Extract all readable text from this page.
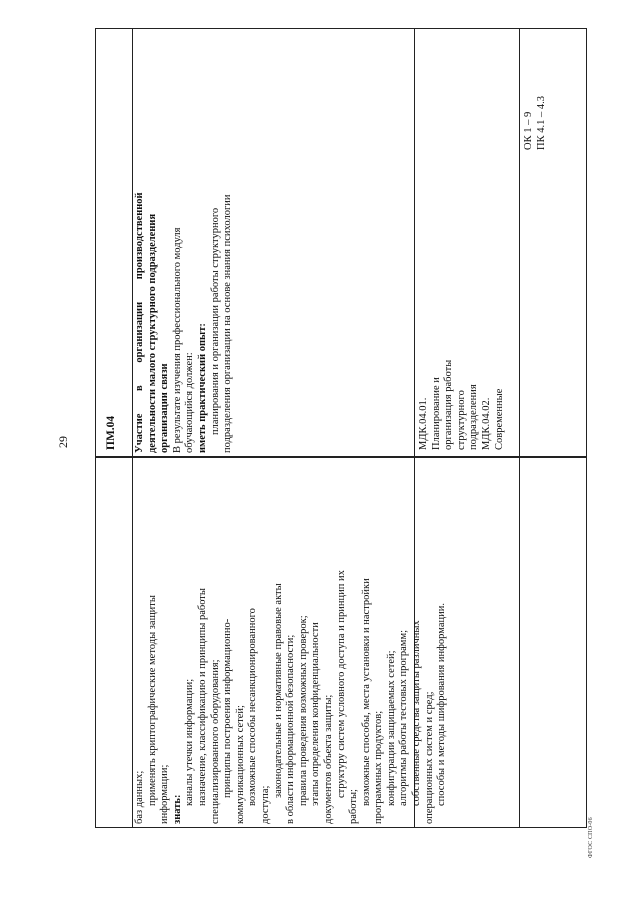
29
ФГОС СПО-06
баз данных; применять криптографические методы защиты информации; знать:
каналы утечки информации; назначение, классификацию и принципы работы специализированного оборудования; принципы построения информационно- коммуникационных сетей; возможные способы несанкционированного доступа;
законодательные и нормативные правовые акты в области информационной безопасности; правила проведения возможных проверок; этапы определения конфиденциальности документов объекта защиты; структуру систем условного доступа и принцип их
работы;
возможные способы, места установки и настройки программных продуктов; конфигурации защищаемых сетей; алгоритмы работы тестовых программ; собственные средства защиты различных операционных систем и сред; способы и методы шифрования информации.
Участие в организации производственной деятельности малого структурного подразделения организации связи В результате изучения профессионального модуля обучающийся должен: иметь практический опыт: планирования и организации работы структурного подразделения организации на основе знания психологии
ПМ.04	МДК.04.01. Планирование и организация работы структурного подразделения МДК.04.02. Современные
ОК 1 – 9 ПК 4.1 – 4.3
